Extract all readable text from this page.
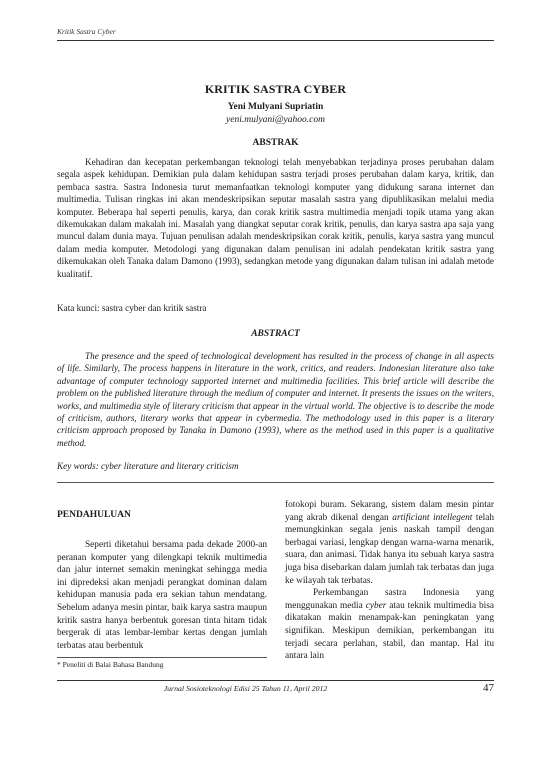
Kritik Sastra Cyber
KRITIK SASTRA CYBER
Yeni Mulyani Supriatin
yeni.mulyani@yahoo.com
ABSTRAK

Kehadiran dan kecepatan perkembangan teknologi telah menyebabkan terjadinya proses perubahan dalam segala aspek kehidupan. Demikian pula dalam kehidupan sastra terjadi proses perubahan dalam karya, kritik, dan pembaca sastra. Sastra Indonesia turut memanfaatkan teknologi komputer yang didukung sarana internet dan multimedia. Tulisan ringkas ini akan mendeskripsikan seputar masalah sastra yang dipublikasikan melalui media komputer. Beberapa hal seperti penulis, karya, dan corak kritik sastra multimedia menjadi topik utama yang akan dikemukakan dalam makalah ini. Masalah yang diangkat seputar corak kritik, penulis, dan karya sastra apa saja yang muncul dalam dunia maya. Tujuan penulisan adalah mendeskripsikan corak kritik, penulis, karya sastra yang muncul dalam media komputer. Metodologi yang digunakan dalam penulisan ini adalah pendekatan kritik sastra yang dikemukakan oleh Tanaka dalam Damono (1993), sedangkan metode yang digunakan dalam tulisan ini adalah metode kualitatif.

Kata kunci: sastra cyber dan kritik sastra
ABSTRACT

The presence and the speed of technological development has resulted in the process of change in all aspects of life. Similarly, The process happens in literature in the work, critics, and readers. Indonesian literature also take advantage of computer technology supported internet and multimedia facilities. This brief article will describe the problem on the published literature through the medium of computer and internet. It presents the issues on the writers, works, and multimedia style of literary criticism that appear in the virtual world. The objective is to describe the mode of criticism, authors, literary works that appear in cybermedia. The methodology used in this paper is a literary criticism approach proposed by Tanaka in Damono (1993), where as the method used in this paper is a qualitative method.

Key words: cyber literature and literary criticism
PENDAHULUAN

Seperti diketahui bersama pada dekade 2000-an peranan komputer yang dilengkapi teknik multimedia dan jalur internet semakin meningkat sehingga media ini dipredeksi akan menjadi perangkat dominan dalam kehidupan manusia pada era sekian tahun mendatang. Sebelum adanya mesin pintar, baik karya sastra maupun kritik sastra hanya berbentuk goresan tinta hitam tidak bergerak di atas lembar-lembar kertas dengan jumlah terbatas atau berbentuk

fotokopi buram. Sekarang, sistem dalam mesin pintar yang akrab dikenal dengan artificiant intellegent telah memungkinkan segala jenis naskah tampil dengan berbagai variasi, lengkap dengan warna-warna menarik, suara, dan animasi. Tidak hanya itu sebuah karya sastra juga bisa disebarkan dalam jumlah tak terbatas dan juga ke wilayah tak terbatas.

Perkembangan sastra Indonesia yang menggunakan media cyber atau teknik multimedia bisa dikatakan makin menampak-kan peningkatan yang signifikan. Meskipun demikian, perkembangan itu terjadi secara perlahan, stabil, dan mantap. Hal itu antara lain

* Peneliti di Balai Bahasa Bandung
Jurnal Sosioteknologi Edisi 25 Tahun 11, April 2012	47
